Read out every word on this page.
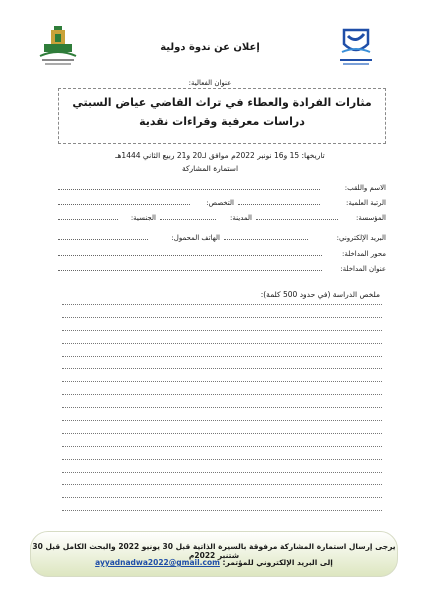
إعلان عن ندوة دولية
عنوان الفعالية:
مثارات الفرادة والعطاء في تراث القاضي عياض السبتي
دراسات معرفية وقراءات نقدية
تاريخها: 15 و16 نونبر 2022م موافق لـ20 و21 ربيع الثاني 1444هـ
استمارة المشاركة
الاسم واللقب:
الرتبة العلمية:
التخصص:
المؤسسة:
المدينة:
الجنسية:
البريد الإلكتروني:
الهاتف المحمول:
محور المداخلة:
عنوان المداخلة:
ملخص الدراسة (في حدود 500 كلمة):
يرجى إرسال استمارة المشاركة مرفوقة بالسيرة الذاتية قبل 30 يونيو 2022 والبحث الكامل قبل 30 شتنبر 2022م
إلى البريد الإلكتروني للمؤتمر: ayyadnadwa2022@gmail.com
